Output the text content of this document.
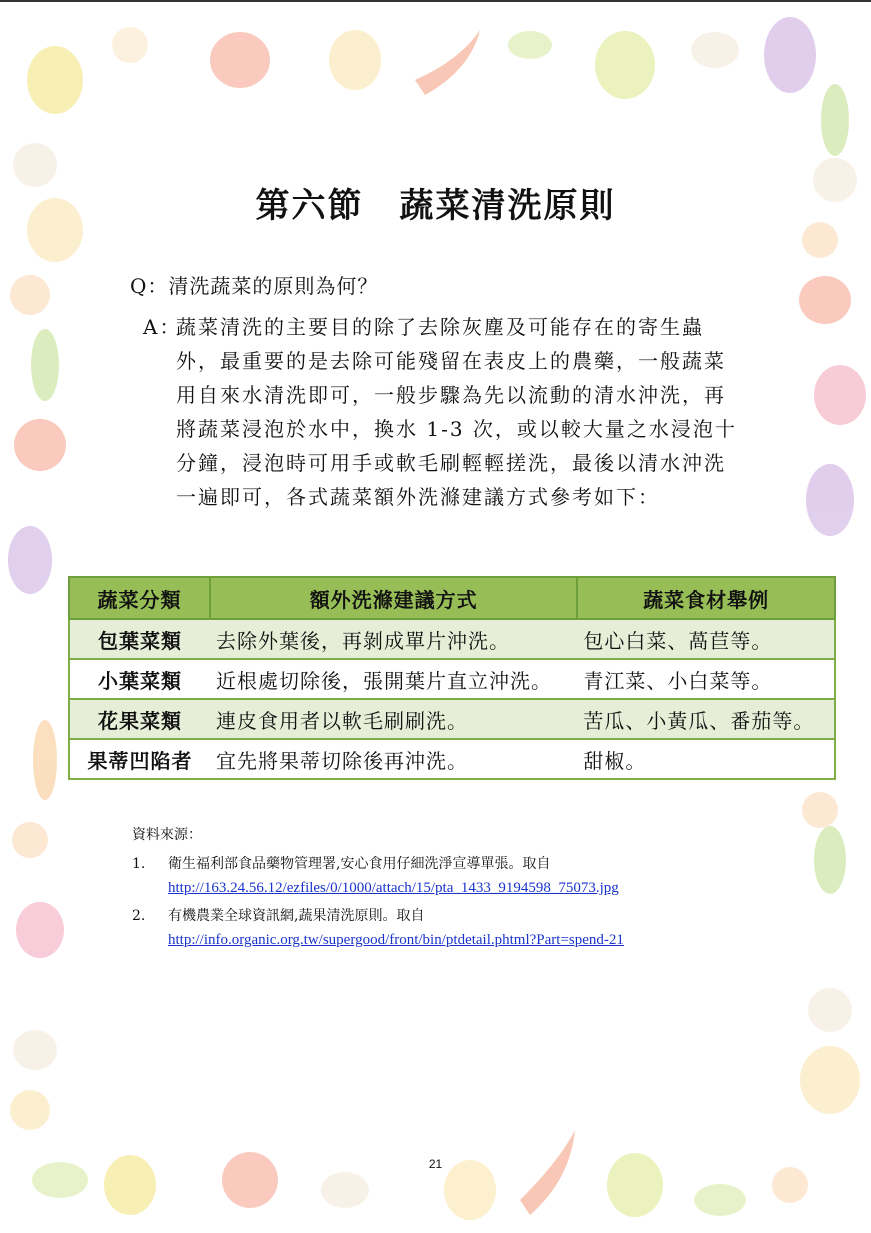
第六節　蔬菜清洗原則
Q：清洗蔬菜的原則為何？
A：
蔬菜清洗的主要目的除了去除灰塵及可能存在的寄生蟲外，最重要的是去除可能殘留在表皮上的農藥，一般蔬菜用自來水清洗即可，一般步驟為先以流動的清水沖洗，再將蔬菜浸泡於水中，換水 1-3 次，或以較大量之水浸泡十分鐘，浸泡時可用手或軟毛刷輕輕搓洗，最後以清水沖洗一遍即可，各式蔬菜額外洗滌建議方式參考如下：
蔬菜分類	額外洗滌建議方式	蔬菜食材舉例
包葉菜類	去除外葉後，再剝成單片沖洗。	包心白菜、萵苣等。
小葉菜類	近根處切除後，張開葉片直立沖洗。	青江菜、小白菜等。
花果菜類	連皮食用者以軟毛刷刷洗。	苦瓜、小黃瓜、番茄等。
果蒂凹陷者	宜先將果蒂切除後再沖洗。	甜椒。
資料來源：
1. 衛生福利部食品藥物管理署,安心食用仔細洗淨宣導單張。取自
http://163.24.56.12/ezfiles/0/1000/attach/15/pta_1433_9194598_75073.jpg
2. 有機農業全球資訊網,蔬果清洗原則。取自
http://info.organic.org.tw/supergood/front/bin/ptdetail.phtml?Part=spend-21
21
